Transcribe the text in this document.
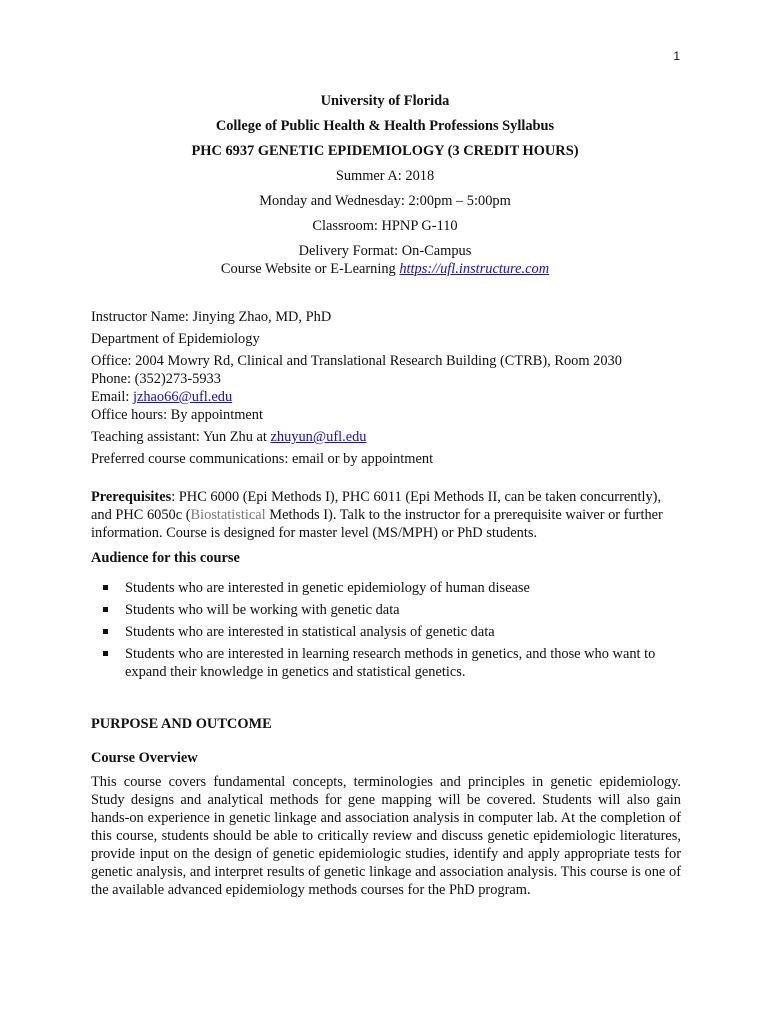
1

University of Florida

College of Public Health & Health Professions Syllabus

PHC 6937 GENETIC EPIDEMIOLOGY (3 CREDIT HOURS)

Summer A: 2018

Monday and Wednesday: 2:00pm – 5:00pm

Classroom: HPNP G-110

Delivery Format: On-Campus

Course Website or E-Learning https://ufl.instructure.com

Instructor Name: Jinying Zhao, MD, PhD

Department of Epidemiology

Office: 2004 Mowry Rd, Clinical and Translational Research Building (CTRB), Room 2030

Phone: (352)273-5933

Email: jzhao66@ufl.edu

Office hours: By appointment

Teaching assistant: Yun Zhu at zhuyun@ufl.edu

Preferred course communications: email or by appointment

Prerequisites: PHC 6000 (Epi Methods I), PHC 6011 (Epi Methods II, can be taken concurrently), and PHC 6050c (Biostatistical Methods I). Talk to the instructor for a prerequisite waiver or further information. Course is designed for master level (MS/MPH) or PhD students.

Audience for this course

Students who are interested in genetic epidemiology of human disease
Students who will be working with genetic data
Students who are interested in statistical analysis of genetic data
Students who are interested in learning research methods in genetics, and those who want to expand their knowledge in genetics and statistical genetics.

PURPOSE AND OUTCOME

Course Overview

This course covers fundamental concepts, terminologies and principles in genetic epidemiology. Study designs and analytical methods for gene mapping will be covered. Students will also gain hands-on experience in genetic linkage and association analysis in computer lab. At the completion of this course, students should be able to critically review and discuss genetic epidemiologic literatures, provide input on the design of genetic epidemiologic studies, identify and apply appropriate tests for genetic analysis, and interpret results of genetic linkage and association analysis. This course is one of the available advanced epidemiology methods courses for the PhD program.
